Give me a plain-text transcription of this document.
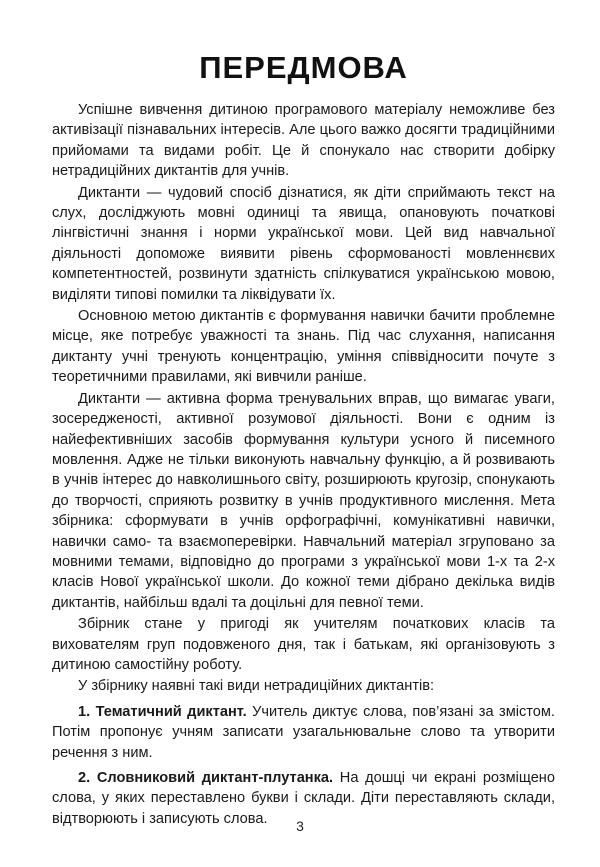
ПЕРЕДМОВА

Успішне вивчення дитиною програмового матеріалу неможливе без активізації пізнавальних інтересів. Але цього важко досягти традиційними прийомами та видами робіт. Це й спонукало нас створити добірку нетрадиційних диктантів для учнів.

Диктанти — чудовий спосіб дізнатися, як діти сприймають текст на слух, досліджують мовні одиниці та явища, опановують початкові лінгвістичні знання і норми української мови. Цей вид навчальної діяльності допоможе виявити рівень сформованості мовленнєвих компетентностей, розвинути здатність спілкуватися українською мовою, виділяти типові помилки та ліквідувати їх.

Основною метою диктантів є формування навички бачити проблемне місце, яке потребує уважності та знань. Під час слухання, написання диктанту учні тренують концентрацію, уміння співвідносити почуте з теоретичними правилами, які вивчили раніше.

Диктанти — активна форма тренувальних вправ, що вимагає уваги, зосередженості, активної розумової діяльності. Вони є одним із найефективніших засобів формування культури усного й писемного мовлення. Адже не тільки виконують навчальну функцію, а й розвивають в учнів інтерес до навколишнього світу, розширюють кругозір, спонукають до творчості, сприяють розвитку в учнів продуктивного мислення. Мета збірника: сформувати в учнів орфографічні, комунікативні навички, навички само- та взаємоперевірки. Навчальний матеріал згруповано за мовними темами, відповідно до програми з української мови 1-х та 2-х класів Нової української школи. До кожної теми дібрано декілька видів диктантів, найбільш вдалі та доцільні для певної теми.

Збірник стане у пригоді як учителям початкових класів та вихователям груп подовженого дня, так і батькам, які організовують з дитиною самостійну роботу.

У збірнику наявні такі види нетрадиційних диктантів:

1. Тематичний диктант. Учитель диктує слова, пов’язані за змістом. Потім пропонує учням записати узагальнювальне слово та утворити речення з ним.

2. Словниковий диктант-плутанка. На дошці чи екрані розміщено слова, у яких переставлено букви і склади. Діти переставляють склади, відтворюють і записують слова.	3
